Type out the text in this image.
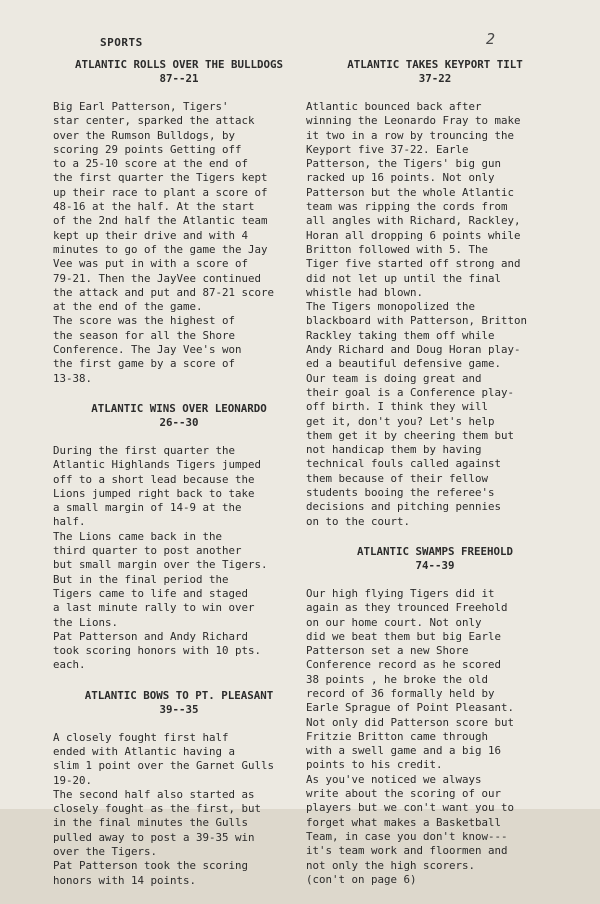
SPORTS	2
ATLANTIC ROLLS OVER THE BULLDOGS
87--21

Big Earl Patterson, Tigers'
star center, sparked the attack
over the Rumson Bulldogs, by
scoring 29 points Getting off
to a 25-10 score at the end of
the first quarter the Tigers kept
up their race to plant a score of
48-16 at the half. At the start
of the 2nd half the Atlantic team
kept up their drive and with 4
minutes to go of the game the Jay
Vee was put in with a score of
79-21. Then the JayVee continued
the attack and put and 87-21 score
at the end of the game.

The score was the highest of
the season for all the Shore
Conference. The Jay Vee's won
the first game by a score of
13-38.

ATLANTIC WINS OVER LEONARDO
26--30

During the first quarter the
Atlantic Highlands Tigers jumped
off to a short lead because the
Lions jumped right back to take
a small margin of 14-9 at the
half.

The Lions came back in the
third quarter to post another
but small margin over the Tigers.
But in the final period the
Tigers came to life and staged
a last minute rally to win over
the Lions.

Pat Patterson and Andy Richard
took scoring honors with 10 pts.
each.

ATLANTIC BOWS TO PT. PLEASANT
39--35

A closely fought first half
ended with Atlantic having a
slim 1 point over the Garnet Gulls
19-20.

The second half also started as
closely fought as the first, but
in the final minutes the Gulls
pulled away to post a 39-35 win
over the Tigers.

Pat Patterson took the scoring
honors with 14 points.

ATLANTIC TAKES KEYPORT TILT
37-22

Atlantic bounced back after
winning the Leonardo Fray to make
it two in a row by trouncing the
Keyport five 37-22. Earle
Patterson, the Tigers' big gun
racked up 16 points. Not only
Patterson but the whole Atlantic
team was ripping the cords from
all angles with Richard, Rackley,
Horan all dropping 6 points while
Britton followed with 5. The
Tiger five started off strong and
did not let up until the final
whistle had blown.

The Tigers monopolized the
blackboard with Patterson, Britton
Rackley taking them off while
Andy Richard and Doug Horan play-
ed a beautiful defensive game.

Our team is doing great and
their goal is a Conference play-
off birth. I think they will
get it, don't you? Let's help
them get it by cheering them but
not handicap them by having
technical fouls called against
them because of their fellow
students booing the referee's
decisions and pitching pennies
on to the court.

ATLANTIC SWAMPS FREEHOLD
74--39

Our high flying Tigers did it
again as they trounced Freehold
on our home court. Not only
did we beat them but big Earle
Patterson set a new Shore
Conference record as he scored
38 points , he broke the old
record of 36 formally held by
Earle Sprague of Point Pleasant.
Not only did Patterson score but
Fritzie Britton came through
with a swell game and a big 16
points to his credit.

As you've noticed we always
write about the scoring of our
players but we con't want you to
forget what makes a Basketball
Team, in case you don't know---
it's team work and floormen and
not only the high scorers.
(con't on page 6)
